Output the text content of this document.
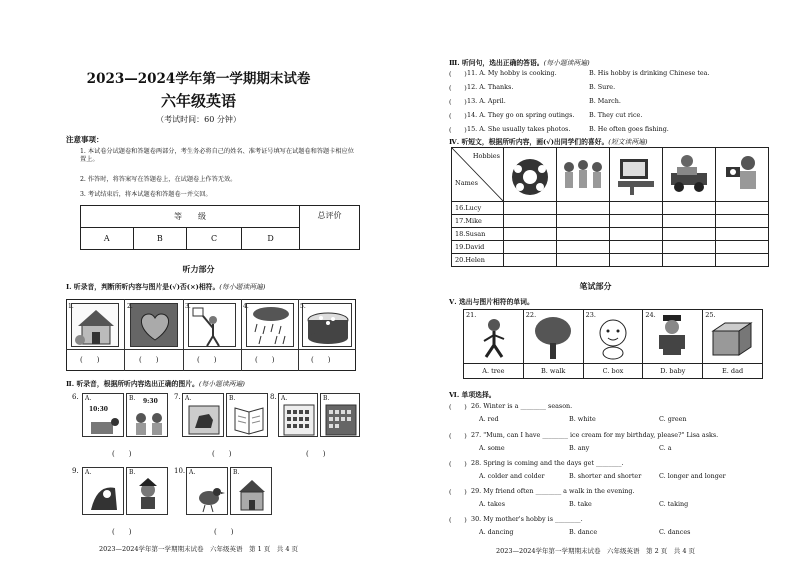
2023—2024学年第一学期期末试卷
六年级英语
（考试时间：60 分钟）
注意事项：
1. 本试卷分试题卷和答题卷两部分，考生务必将自己的姓名、准考证号填写在试题卷和答题卡相应位置上。
2. 作答时，将答案写在答题卷上，在试题卷上作答无效。
3. 考试结束后，将本试题卷和答题卷一并交回。
等　　级				总评价
A	B	C	D	
听力部分
Ⅰ. 听录音，判断所听内容与图片是(√)否(×)相符。(每小题读两遍)
1.	2.	3.	4.	5.
(　　)	(　　)	(　　)	(　　)	(　　)
Ⅱ. 听录音，根据所听内容选出正确的图片。(每小题读两遍)
6. A.
10:30
B. 9:30
7. A.	B.	8. A.	B.
(　　)	(　　)	(　　)
9. A.	B.	10. A.	B.
(　　)	(　　)
2023—2024学年第一学期期末试卷　六年级英语　第 1 页　共 4 页
Ⅲ. 听问句，选出正确的答语。(每小题读两遍)
(　　) 11. A. My hobby is cooking.	B. His hobby is drinking Chinese tea.
(　　) 12. A. Thanks.	B. Sure.
(　　) 13. A. April.	B. March.
(　　) 14. A. They go on spring outings. B. They cut rice.
(　　) 15. A. She usually takes photos.	B. He often goes fishing.
Ⅳ. 听短文，根据所听内容，画(√)出同学们的喜好。(短文读两遍)
Hobbies
Names

16.Lucy					
17.Mike					
18.Susan					
19.David					
20.Helen					
笔试部分
Ⅴ. 选出与图片相符的单词。
21.	22.	23.	24.	25.

A. tree	B. walk	C. box	D. baby	E. dad
Ⅵ. 单项选择。
(　　) 26. Winter is a ________ season.
A. red	B. white	C. green
(　　) 27. "Mum, can I have ________ ice cream for my birthday, please?" Lisa asks.
A. some	B. any	C. a
(　　) 28. Spring is coming and the days get ________.
A. colder and colder	B. shorter and shorter	C. longer and longer
(　　) 29. My friend often ________ a walk in the evening.
A. takes	B. take	C. taking
(　　) 30. My mother's hobby is ________.
A. dancing	B. dance	C. dances
2023—2024学年第一学期期末试卷　六年级英语　第 2 页　共 4 页
